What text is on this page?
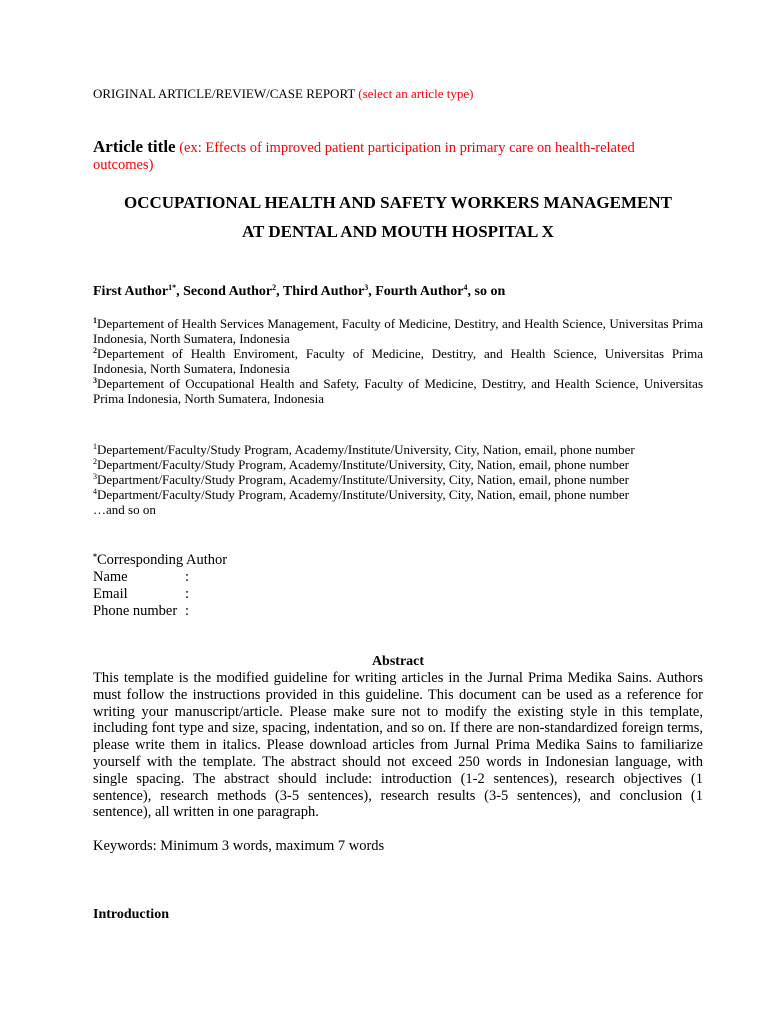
ORIGINAL ARTICLE/REVIEW/CASE REPORT (select an article type)
Article title (ex: Effects of improved patient participation in primary care on health-related outcomes)
OCCUPATIONAL HEALTH AND SAFETY WORKERS MANAGEMENT
AT DENTAL AND MOUTH HOSPITAL X
First Author$^{1*}$, Second Author$^2$, Third Author$^3$, Fourth Author$^4$, so on
$^1$Departement of Health Services Management, Faculty of Medicine, Destitry, and Health Science, Universitas Prima Indonesia, North Sumatera, Indonesia
$^2$Departement of Health Enviroment, Faculty of Medicine, Destitry, and Health Science, Universitas Prima Indonesia, North Sumatera, Indonesia
$^3$Departement of Occupational Health and Safety, Faculty of Medicine, Destitry, and Health Science, Universitas Prima Indonesia, North Sumatera, Indonesia
$^1$Departement/Faculty/Study Program, Academy/Institute/University, City, Nation, email, phone number
$^2$Department/Faculty/Study Program, Academy/Institute/University, City, Nation, email, phone number
$^3$Department/Faculty/Study Program, Academy/Institute/University, City, Nation, email, phone number
$^4$Department/Faculty/Study Program, Academy/Institute/University, City, Nation, email, phone number
…and so on
*Corresponding Author
Name	:
Email	:
Phone number	:
Abstract
This template is the modified guideline for writing articles in the Jurnal Prima Medika Sains. Authors must follow the instructions provided in this guideline. This document can be used as a reference for writing your manuscript/article. Please make sure not to modify the existing style in this template, including font type and size, spacing, indentation, and so on. If there are non-standardized foreign terms, please write them in italics. Please download articles from Jurnal Prima Medika Sains to familiarize yourself with the template. The abstract should not exceed 250 words in Indonesian language, with single spacing. The abstract should include: introduction (1-2 sentences), research objectives (1 sentence), research methods (3-5 sentences), research results (3-5 sentences), and conclusion (1 sentence), all written in one paragraph.
Keywords: Minimum 3 words, maximum 7 words
Introduction
